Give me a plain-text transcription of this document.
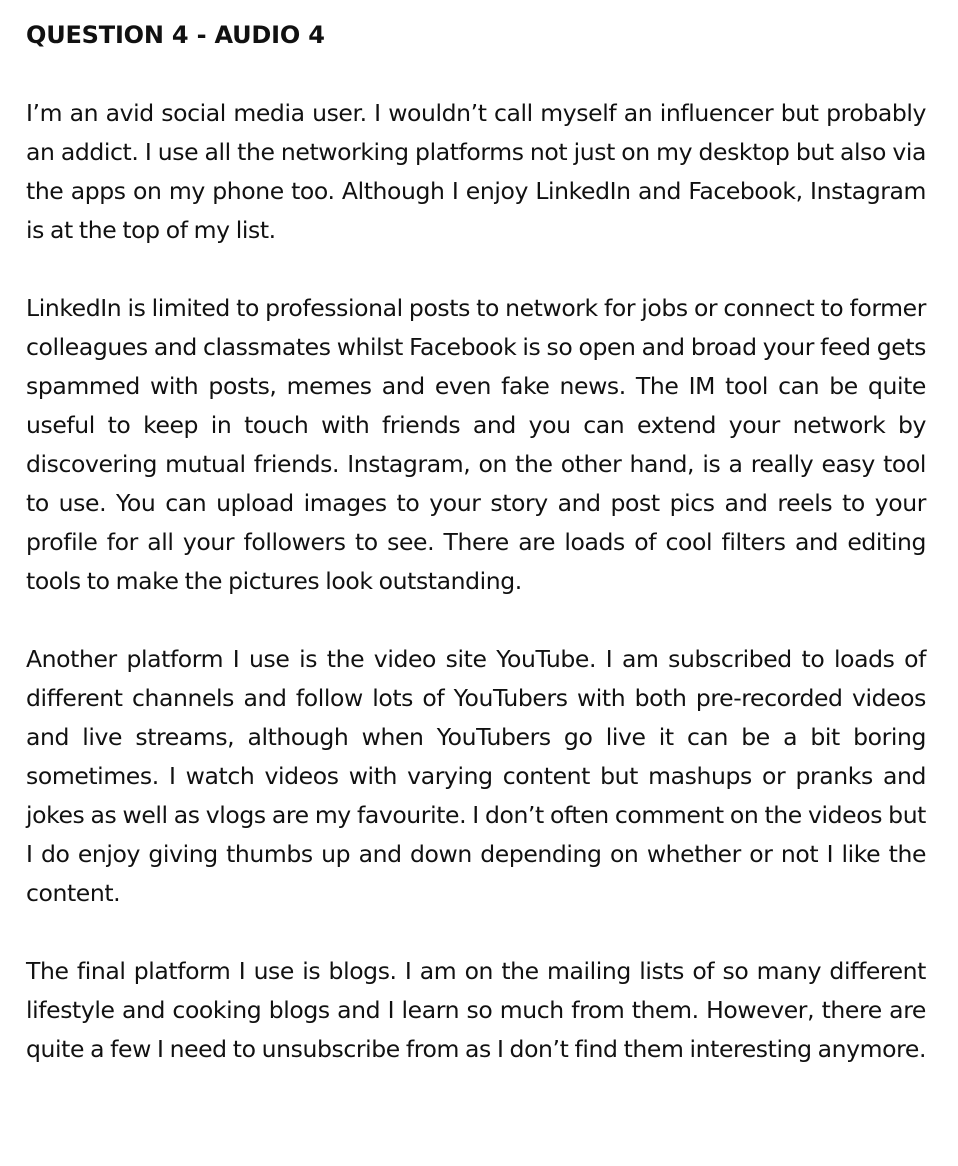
QUESTION 4 - AUDIO 4

I’m an avid social media user. I wouldn’t call myself an influencer but probably an addict. I use all the networking platforms not just on my desktop but also via the apps on my phone too. Although I enjoy LinkedIn and Facebook, Instagram is at the top of my list.

LinkedIn is limited to professional posts to network for jobs or connect to former colleagues and classmates whilst Facebook is so open and broad your feed gets spammed with posts, memes and even fake news. The IM tool can be quite useful to keep in touch with friends and you can extend your network by discovering mutual friends. Instagram, on the other hand, is a really easy tool to use. You can upload images to your story and post pics and reels to your profile for all your followers to see. There are loads of cool filters and editing tools to make the pictures look outstanding.

Another platform I use is the video site YouTube. I am subscribed to loads of different channels and follow lots of YouTubers with both pre-recorded videos and live streams, although when YouTubers go live it can be a bit boring sometimes. I watch videos with varying content but mashups or pranks and jokes as well as vlogs are my favourite. I don’t often comment on the videos but I do enjoy giving thumbs up and down depending on whether or not I like the content.

The final platform I use is blogs. I am on the mailing lists of so many different lifestyle and cooking blogs and I learn so much from them. However, there are quite a few I need to unsubscribe from as I don’t find them interesting anymore.
